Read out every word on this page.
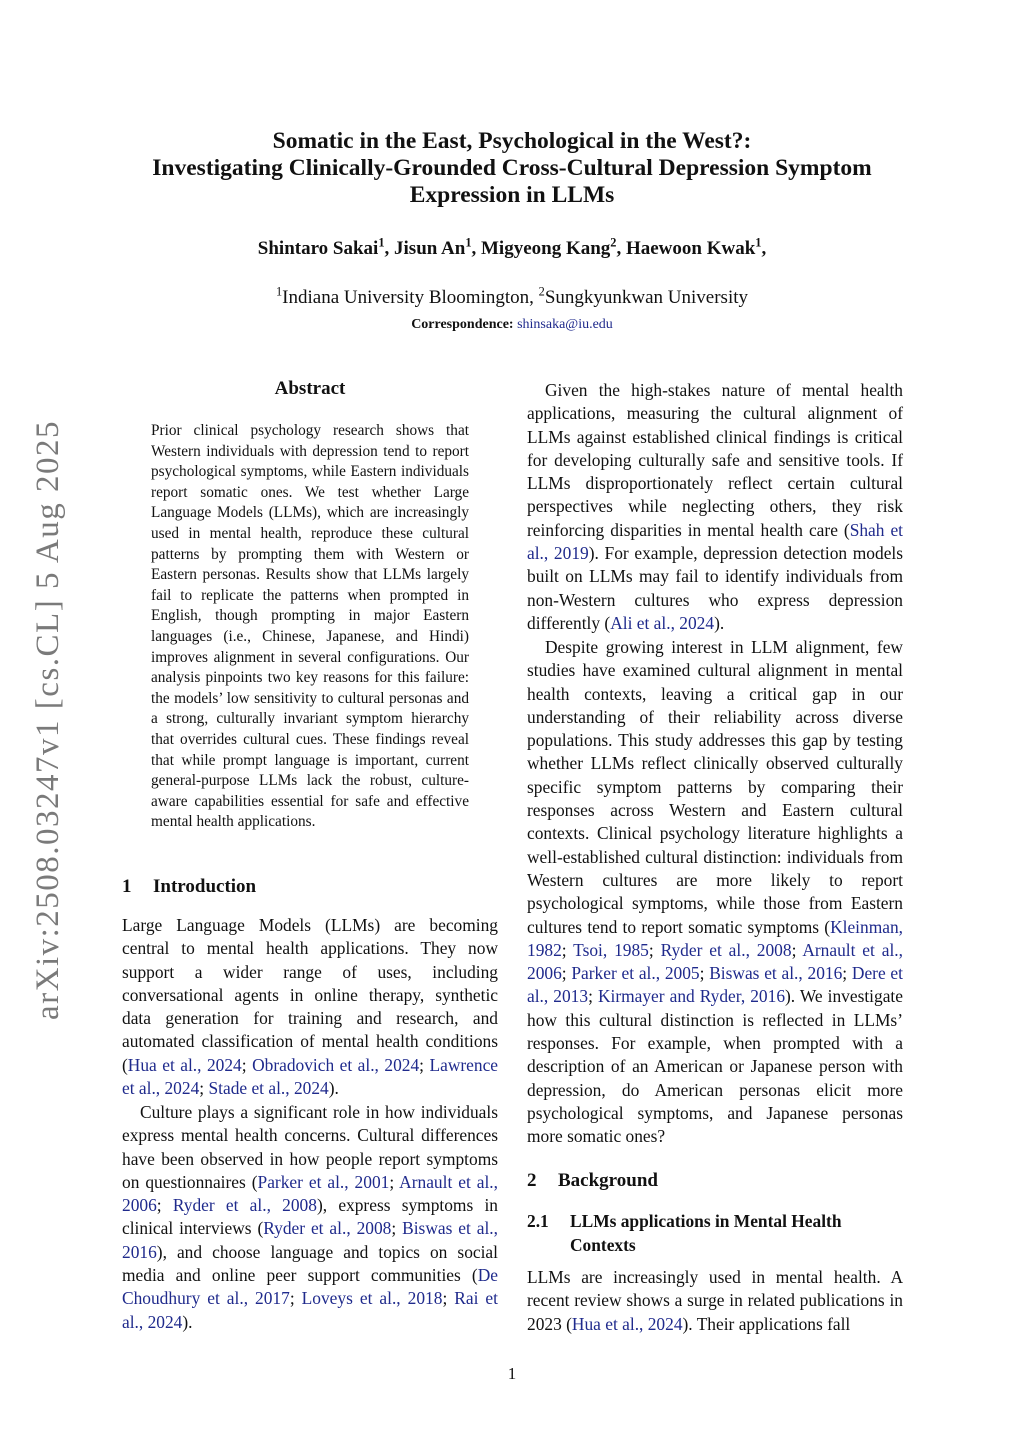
arXiv:2508.03247v1 [cs.CL] 5 Aug 2025
Somatic in the East, Psychological in the West?:
Investigating Clinically-Grounded Cross-Cultural Depression Symptom
Expression in LLMs
Shintaro Sakai$^1$, Jisun An$^1$, Migyeong Kang$^2$, Haewoon Kwak$^1$,
$^1$Indiana University Bloomington, $^2$Sungkyunkwan University
Correspondence: shinsaka@iu.edu
Abstract
Prior clinical psychology research shows that Western individuals with depression tend to report psychological symptoms, while Eastern individuals report somatic ones. We test whether Large Language Models (LLMs), which are increasingly used in mental health, reproduce these cultural patterns by prompting them with Western or Eastern personas. Results show that LLMs largely fail to replicate the patterns when prompted in English, though prompting in major Eastern languages (i.e., Chinese, Japanese, and Hindi) improves alignment in several configurations. Our analysis pinpoints two key reasons for this failure: the models’ low sensitivity to cultural personas and a strong, culturally invariant symptom hierarchy that overrides cultural cues. These findings reveal that while prompt language is important, current general-purpose LLMs lack the robust, culture-aware capabilities essential for safe and effective mental health applications.
1 Introduction
Large Language Models (LLMs) are becoming central to mental health applications. They now support a wider range of uses, including conversational agents in online therapy, synthetic data generation for training and research, and automated classification of mental health conditions (Hua et al., 2024; Obradovich et al., 2024; Lawrence et al., 2024; Stade et al., 2024).
Culture plays a significant role in how individuals express mental health concerns. Cultural differences have been observed in how people report symptoms on questionnaires (Parker et al., 2001; Arnault et al., 2006; Ryder et al., 2008), express symptoms in clinical interviews (Ryder et al., 2008; Biswas et al., 2016), and choose language and topics on social media and online peer support communities (De Choudhury et al., 2017; Loveys et al., 2018; Rai et al., 2024).
Given the high-stakes nature of mental health applications, measuring the cultural alignment of LLMs against established clinical findings is critical for developing culturally safe and sensitive tools. If LLMs disproportionately reflect certain cultural perspectives while neglecting others, they risk reinforcing disparities in mental health care (Shah et al., 2019). For example, depression detection models built on LLMs may fail to identify individuals from non-Western cultures who express depression differently (Ali et al., 2024).
Despite growing interest in LLM alignment, few studies have examined cultural alignment in mental health contexts, leaving a critical gap in our understanding of their reliability across diverse populations. This study addresses this gap by testing whether LLMs reflect clinically observed culturally specific symptom patterns by comparing their responses across Western and Eastern cultural contexts. Clinical psychology literature highlights a well-established cultural distinction: individuals from Western cultures are more likely to report psychological symptoms, while those from Eastern cultures tend to report somatic symptoms (Kleinman, 1982; Tsoi, 1985; Ryder et al., 2008; Arnault et al., 2006; Parker et al., 2005; Biswas et al., 2016; Dere et al., 2013; Kirmayer and Ryder, 2016). We investigate how this cultural distinction is reflected in LLMs’ responses. For example, when prompted with a description of an American or Japanese person with depression, do American personas elicit more psychological symptoms, and Japanese personas more somatic ones?
2 Background
2.1 LLMs applications in Mental Health Contexts
LLMs are increasingly used in mental health. A recent review shows a surge in related publications in 2023 (Hua et al., 2024). Their applications fall
1
